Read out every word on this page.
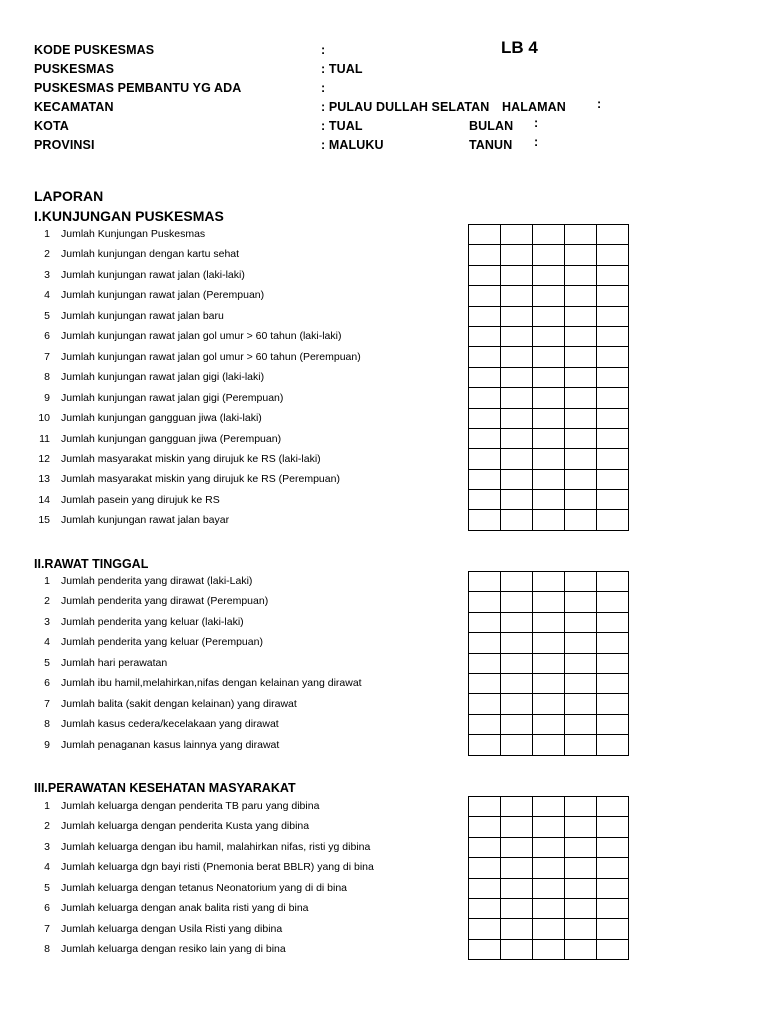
LB 4
KODE PUSKESMAS	:
PUSKESMAS	: TUAL
PUSKESMAS PEMBANTU YG ADA	:
KECAMATAN	: PULAU DULLAH SELATAN HALAMAN :
KOTA	: TUAL	BULAN :
PROVINSI	: MALUKU	TANUN :
LAPORAN
I.KUNJUNGAN PUSKESMAS
1 Jumlah Kunjungan Puskesmas
2 Jumlah kunjungan dengan kartu sehat
3 Jumlah kunjungan rawat jalan (laki-laki)
4 Jumlah kunjungan rawat jalan (Perempuan)
5 Jumlah kunjungan rawat jalan baru
6 Jumlah kunjungan rawat jalan gol umur > 60 tahun (laki-laki)
7 Jumlah kunjungan rawat jalan gol umur > 60 tahun (Perempuan)
8 Jumlah kunjungan rawat jalan gigi (laki-laki)
9 Jumlah kunjungan rawat jalan gigi (Perempuan)
10 Jumlah kunjungan gangguan jiwa (laki-laki)
11 Jumlah kunjungan gangguan jiwa (Perempuan)
12 Jumlah masyarakat miskin yang dirujuk ke RS (laki-laki)
13 Jumlah masyarakat miskin yang dirujuk ke RS (Perempuan)
14 Jumlah pasein yang dirujuk ke RS
15 Jumlah kunjungan rawat jalan bayar

II.RAWAT TINGGAL
1 Jumlah penderita yang dirawat (laki-Laki)
2 Jumlah penderita yang dirawat (Perempuan)
3 Jumlah penderita yang keluar (laki-laki)
4 Jumlah penderita yang keluar (Perempuan)
5 Jumlah hari perawatan
6 Jumlah ibu hamil,melahirkan,nifas dengan kelainan yang dirawat
7 Jumlah balita (sakit dengan kelainan) yang dirawat
8 Jumlah kasus cedera/kecelakaan yang dirawat
9 Jumlah penaganan kasus lainnya yang dirawat

III.PERAWATAN KESEHATAN MASYARAKAT
1 Jumlah keluarga dengan penderita TB paru yang dibina
2 Jumlah keluarga dengan penderita Kusta yang dibina
3 Jumlah keluarga dengan ibu hamil, malahirkan nifas, risti yg dibina
4 Jumlah keluarga dgn bayi risti (Pnemonia berat BBLR) yang di bina
5 Jumlah keluarga dengan tetanus Neonatorium yang di di bina
6 Jumlah keluarga dengan anak balita risti yang di bina
7 Jumlah keluarga dengan Usila Risti yang dibina
8 Jumlah keluarga dengan resiko lain yang di bina
